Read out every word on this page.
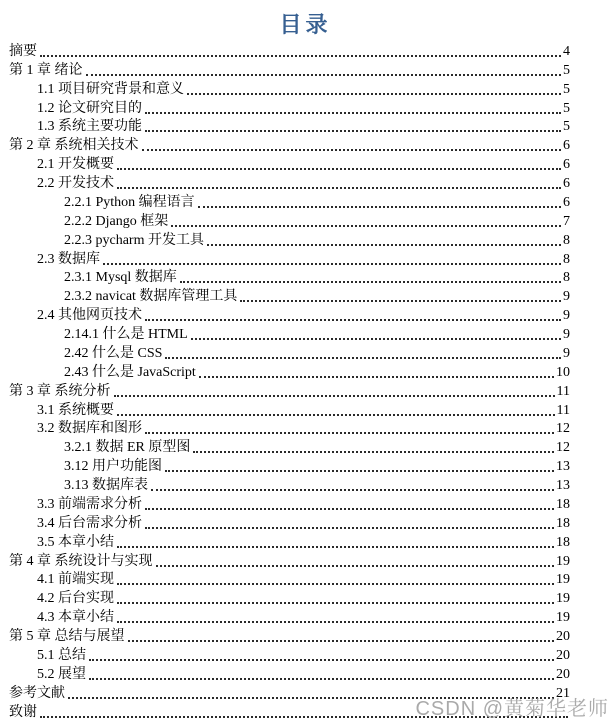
目录
摘要	4
第 1 章 绪论	5
1.1 项目研究背景和意义	5
1.2 论文研究目的	5
1.3 系统主要功能	5
第 2 章 系统相关技术	6
2.1 开发概要	6
2.2 开发技术	6
2.2.1 Python 编程语言	6
2.2.2 Django 框架	7
2.2.3 pycharm 开发工具	8
2.3 数据库	8
2.3.1 Mysql 数据库	8
2.3.2 navicat 数据库管理工具	9
2.4 其他网页技术	9
2.14.1 什么是 HTML	9
2.42 什么是 CSS	9
2.43 什么是 JavaScript	10
第 3 章 系统分析	11
3.1 系统概要	11
3.2 数据库和图形	12
3.2.1 数据 ER 原型图	12
3.12 用户功能图	13
3.13 数据库表	13
3.3 前端需求分析	18
3.4 后台需求分析	18
3.5 本章小结	18
第 4 章 系统设计与实现	19
4.1 前端实现	19
4.2 后台实现	19
4.3 本章小结	19
第 5 章 总结与展望	20
5.1 总结	20
5.2 展望	20
参考文献	21
致谢	CSDN @黄菊华老师
